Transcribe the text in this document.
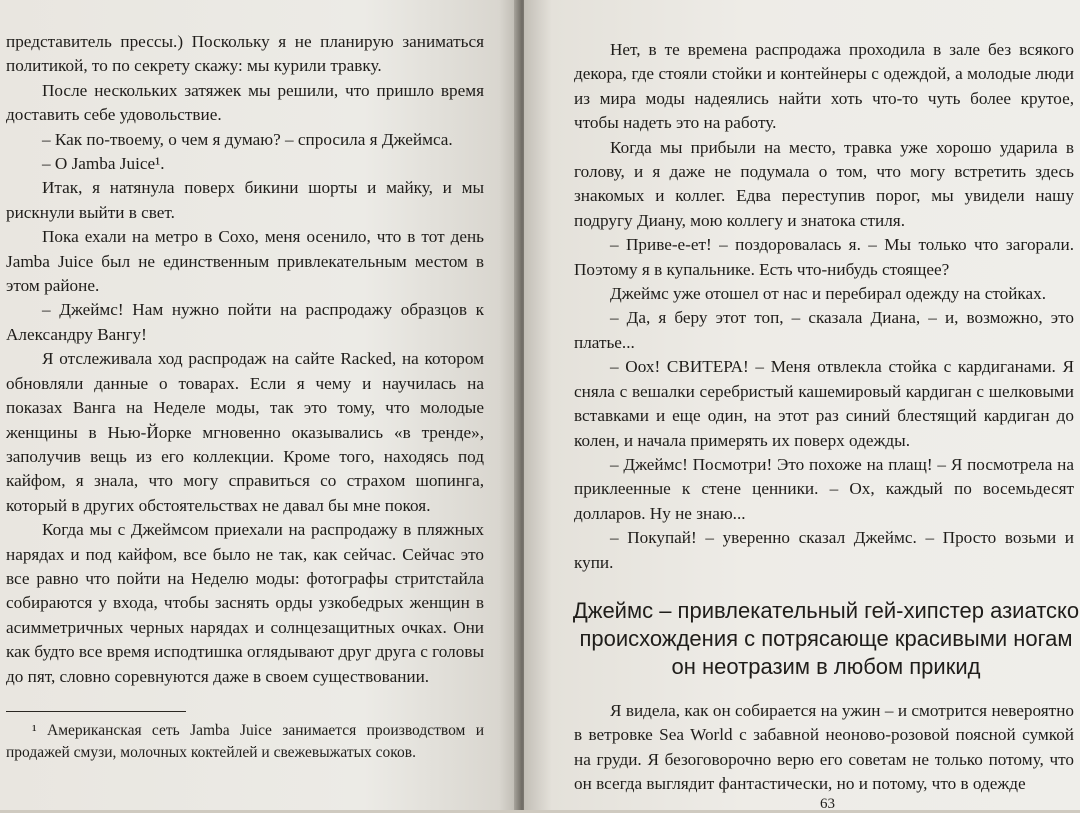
представитель прессы.) Поскольку я не планирую заниматься политикой, то по секрету скажу: мы курили травку.

После нескольких затяжек мы решили, что пришло время доставить себе удовольствие.

– Как по-твоему, о чем я думаю? – спросила я Джеймса.

– О Jamba Juice¹.

Итак, я натянула поверх бикини шорты и майку, и мы рискнули выйти в свет.

Пока ехали на метро в Сохо, меня осенило, что в тот день Jamba Juice был не единственным привлекательным местом в этом районе.

– Джеймс! Нам нужно пойти на распродажу образцов к Александру Вангу!

Я отслеживала ход распродаж на сайте Racked, на котором обновляли данные о товарах. Если я чему и научилась на показах Ванга на Неделе моды, так это тому, что молодые женщины в Нью-Йорке мгновенно оказывались «в тренде», заполучив вещь из его коллекции. Кроме того, находясь под кайфом, я знала, что могу справиться со страхом шопинга, который в других обстоятельствах не давал бы мне покоя.

Когда мы с Джеймсом приехали на распродажу в пляжных нарядах и под кайфом, все было не так, как сейчас. Сейчас это все равно что пойти на Неделю моды: фотографы стритстайла собираются у входа, чтобы заснять орды узкобедрых женщин в асимметричных черных нарядах и солнцезащитных очках. Они как будто все время исподтишка оглядывают друг друга с головы до пят, словно соревнуются даже в своем существовании.

¹ Американская сеть Jamba Juice занимается производством и продажей смузи, молочных коктейлей и свежевыжатых соков.

Нет, в те времена распродажа проходила в зале без всякого декора, где стояли стойки и контейнеры с одеждой, а молодые люди из мира моды надеялись найти хоть что-то чуть более крутое, чтобы надеть это на работу.

Когда мы прибыли на место, травка уже хорошо ударила в голову, и я даже не подумала о том, что могу встретить здесь знакомых и коллег. Едва переступив порог, мы увидели нашу подругу Диану, мою коллегу и знатока стиля.

– Приве-е-ет! – поздоровалась я. – Мы только что загорали. Поэтому я в купальнике. Есть что-нибудь стоящее?

Джеймс уже отошел от нас и перебирал одежду на стойках.

– Да, я беру этот топ, – сказала Диана, – и, возможно, это платье...

– Оох! СВИТЕРА! – Меня отвлекла стойка с кардиганами. Я сняла с вешалки серебристый кашемировый кардиган с шелковыми вставками и еще один, на этот раз синий блестящий кардиган до колен, и начала примерять их поверх одежды.

– Джеймс! Посмотри! Это похоже на плащ! – Я посмотрела на приклеенные к стене ценники. – Ох, каждый по восемьдесят долларов. Ну не знаю...

– Покупай! – уверенно сказал Джеймс. – Просто возьми и купи.

Джеймс – привлекательный гей-хипстер азиатско
происхождения с потрясающе красивыми ногам
он неотразим в любом прикид

Я видела, как он собирается на ужин – и смотрится невероятно в ветровке Sea World с забавной неоново-розовой поясной сумкой на груди. Я безоговорочно верю его советам не только потому, что он всегда выглядит фантастически, но и потому, что в одежде

63
